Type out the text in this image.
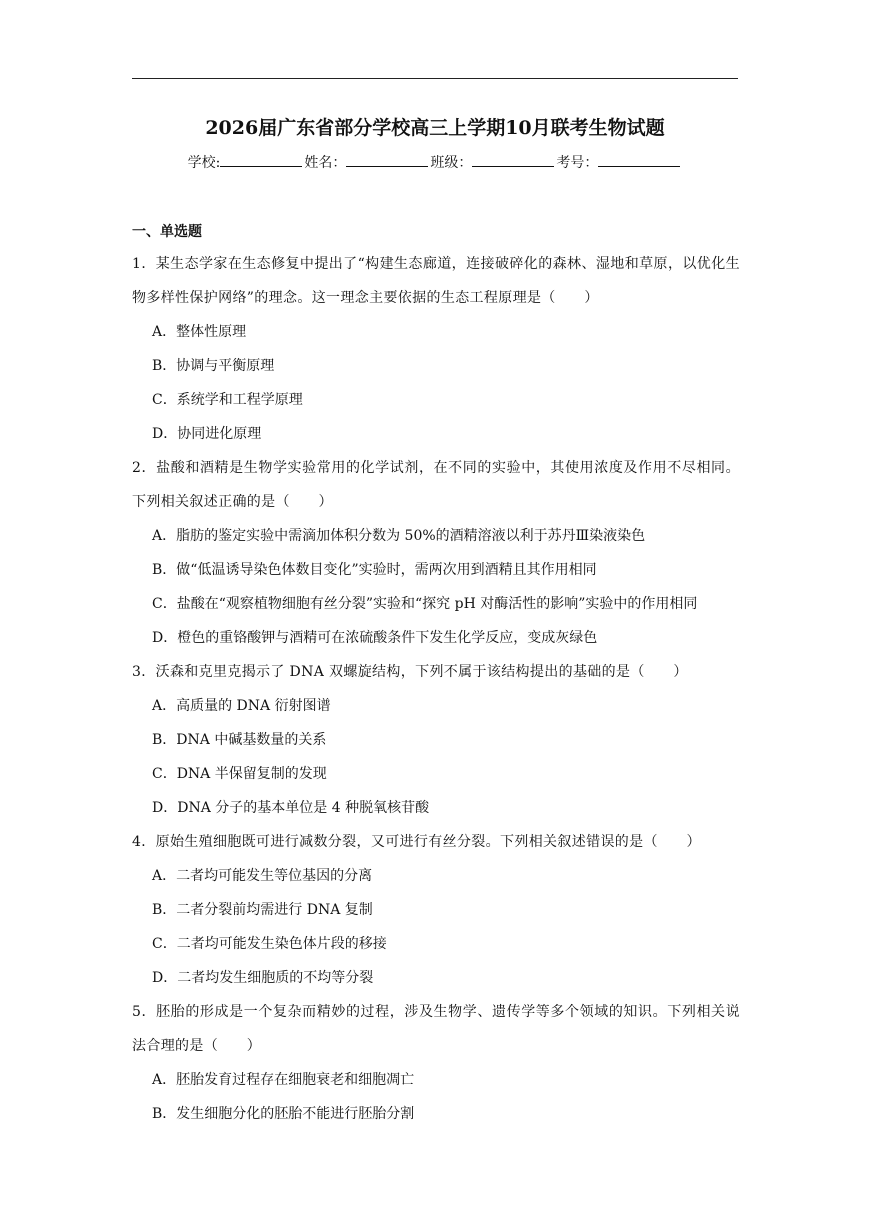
2026届广东省部分学校高三上学期10月联考生物试题
学校:	姓名：	班级：	考号：
一、单选题

1．某生态学家在生态修复中提出了“构建生态廊道，连接破碎化的森林、湿地和草原，以优化生物多样性保护网络”的理念。这一理念主要依据的生态工程原理是（　　）

A．整体性原理

B．协调与平衡原理

C．系统学和工程学原理

D．协同进化原理

2．盐酸和酒精是生物学实验常用的化学试剂，在不同的实验中，其使用浓度及作用不尽相同。下列相关叙述正确的是（　　）

A．脂肪的鉴定实验中需滴加体积分数为 50%的酒精溶液以利于苏丹Ⅲ染液染色

B．做“低温诱导染色体数目变化”实验时，需两次用到酒精且其作用相同

C．盐酸在“观察植物细胞有丝分裂”实验和“探究 pH 对酶活性的影响”实验中的作用相同

D．橙色的重铬酸钾与酒精可在浓硫酸条件下发生化学反应，变成灰绿色

3．沃森和克里克揭示了 DNA 双螺旋结构，下列不属于该结构提出的基础的是（　　）

A．高质量的 DNA 衍射图谱

B．DNA 中碱基数量的关系

C．DNA 半保留复制的发现

D．DNA 分子的基本单位是 4 种脱氧核苷酸

4．原始生殖细胞既可进行减数分裂，又可进行有丝分裂。下列相关叙述错误的是（　　）

A．二者均可能发生等位基因的分离

B．二者分裂前均需进行 DNA 复制

C．二者均可能发生染色体片段的移接

D．二者均发生细胞质的不均等分裂

5．胚胎的形成是一个复杂而精妙的过程，涉及生物学、遗传学等多个领域的知识。下列相关说法合理的是（　　）

A．胚胎发育过程存在细胞衰老和细胞凋亡

B．发生细胞分化的胚胎不能进行胚胎分割
